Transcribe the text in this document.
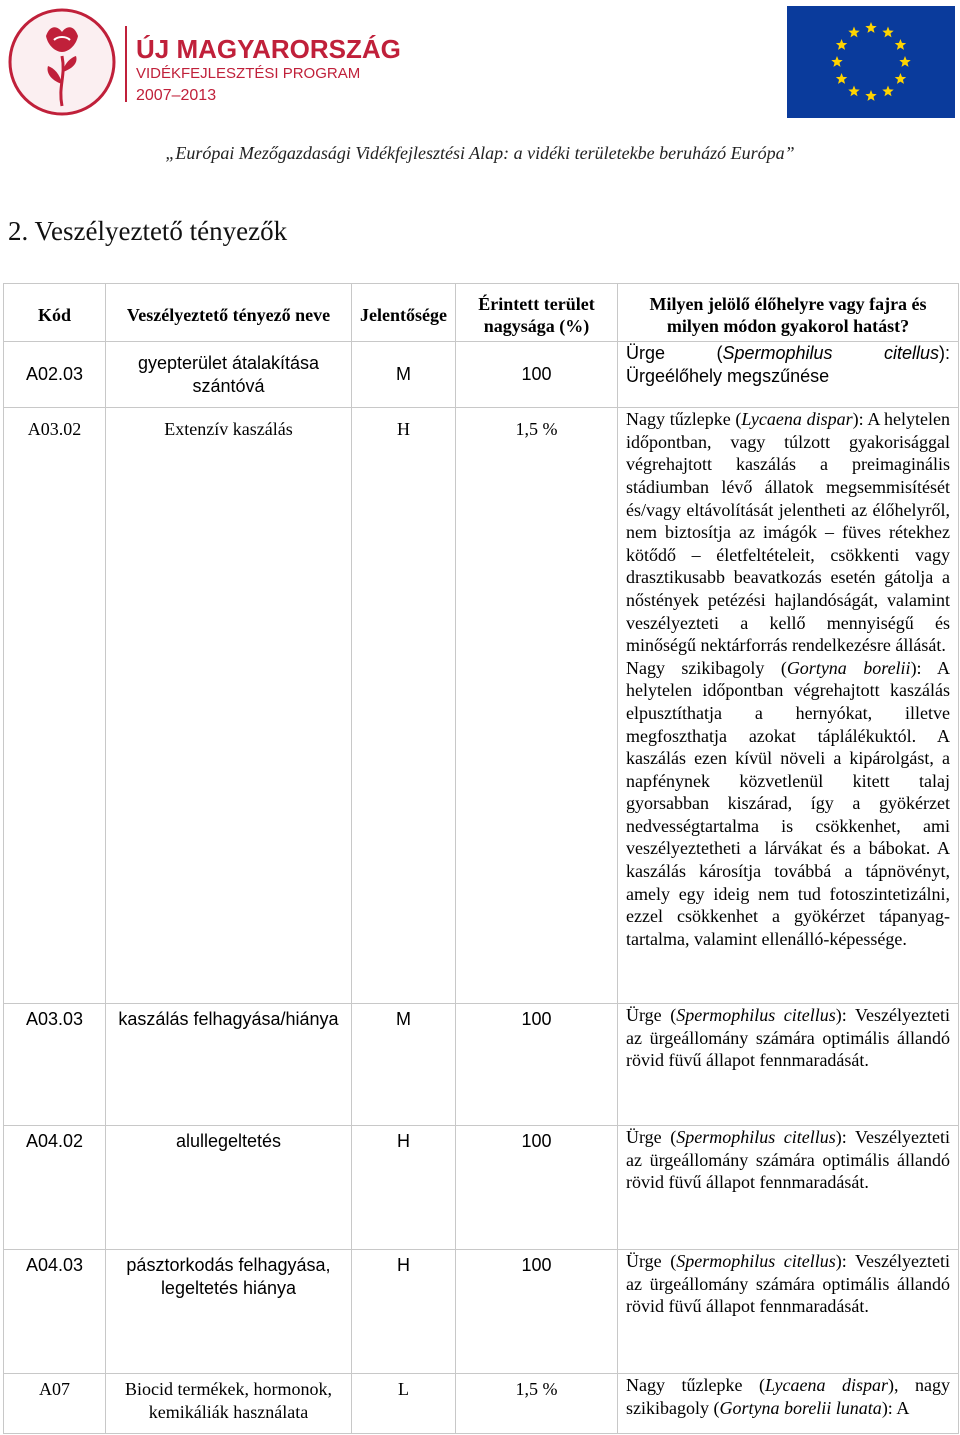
ÚJ MAGYARORSZÁG
VIDÉKFEJLESZTÉSI PROGRAM
2007–2013
„Európai Mezőgazdasági Vidékfejlesztési Alap: a vidéki területekbe beruházó Európa”
2. Veszélyeztető tényezők
Kód	Veszélyeztető tényező neve	Jelentősége	Érintett terület nagysága (%)	Milyen jelölő élőhelyre vagy fajra és milyen módon gyakorol hatást?
A02.03	gyepterület átalakítása szántóvá	M	100	Ürge (Spermophilus citellus): Ürgeélőhely megszűnése

A03.02	Extenzív kaszálás	H	1,5 %	Nagy tűzlepke (Lycaena dispar): A helytelen időpontban, vagy túlzott gyakorisággal végrehajtott kaszálás a preimaginális stádiumban lévő állatok megsemmisítését és/vagy eltávolítását jelentheti az élőhelyről, nem biztosítja az imágók – füves rétekhez kötődő – életfeltételeit, csökkenti vagy drasztikusabb beavatkozás esetén gátolja a nőstények petézési hajlandóságát, valamint veszélyezteti a kellő mennyiségű és minőségű nektárforrás rendelkezésre állását.
Nagy szikibagoly (Gortyna borelii): A helytelen időpontban végrehajtott kaszálás elpusztíthatja a hernyókat, illetve megfoszthatja azokat táplálékuktól. A kaszálás ezen kívül növeli a kipárolgást, a napfénynek közvetlenül kitett talaj gyorsabban kiszárad, így a gyökérzet nedvességtartalma is csökkenhet, ami veszélyeztetheti a lárvákat és a bábokat. A kaszálás károsítja továbbá a tápnövényt, amely egy ideig nem tud fotoszintetizálni, ezzel csökkenhet a gyökérzet tápanyag-tartalma, valamint ellenálló-képessége.

A03.03	kaszálás felhagyása/hiánya	M	100	Ürge (Spermophilus citellus): Veszélyezteti az ürgeállomány számára optimális állandó rövid füvű állapot fennmaradását.

A04.02	alullegeltetés	H	100	Ürge (Spermophilus citellus): Veszélyezteti az ürgeállomány számára optimális állandó rövid füvű állapot fennmaradását.

A04.03	pásztorkodás felhagyása, legeltetés hiánya	H	100	Ürge (Spermophilus citellus): Veszélyezteti az ürgeállomány számára optimális állandó rövid füvű állapot fennmaradását.

A07	Biocid termékek, hormonok, kemikáliák használata	L	1,5 %	Nagy tűzlepke (Lycaena dispar), nagy szikibagoly (Gortyna borelii lunata): A
